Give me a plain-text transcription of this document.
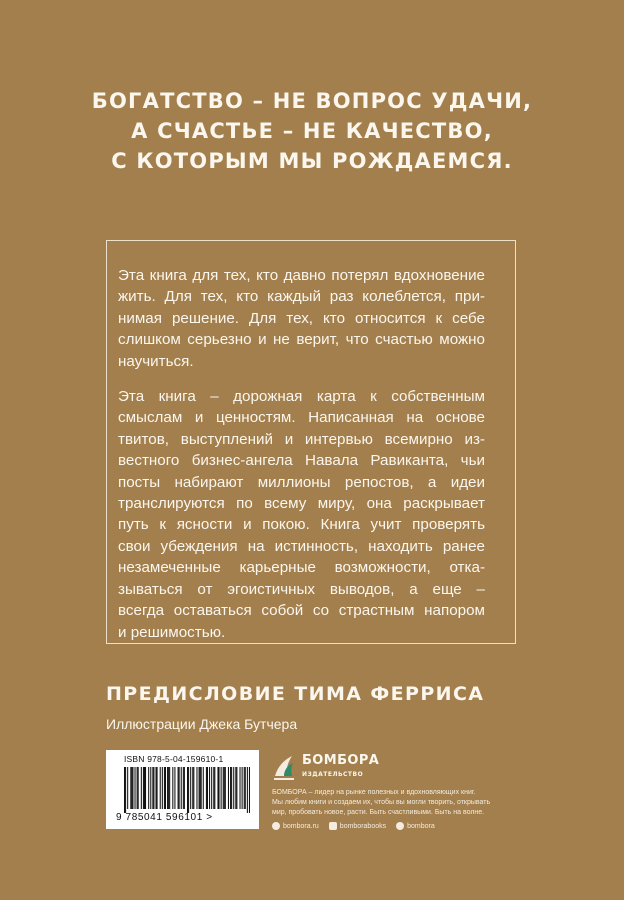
БОГАТСТВО – НЕ ВОПРОС УДАЧИ,
А СЧАСТЬЕ – НЕ КАЧЕСТВО,
С КОТОРЫМ МЫ РОЖДАЕМСЯ.
Эта книга для тех, кто давно потерял вдохновение
жить. Для тех, кто каждый раз колеблется, при-
нимая решение. Для тех, кто относится к себе
слишком серьезно и не верит, что счастью можно
научиться.
Эта книга – дорожная карта к собственным
смыслам и ценностям. Написанная на основе
твитов, выступлений и интервью всемирно из-
вестного бизнес-ангела Навала Равиканта, чьи
посты набирают миллионы репостов, а идеи
транслируются по всему миру, она раскрывает
путь к ясности и покою. Книга учит проверять
свои убеждения на истинность, находить ранее
незамеченные карьерные возможности, отка-
зываться от эгоистичных выводов, а еще –
всегда оставаться собой со страстным напором
и решимостью.
ПРЕДИСЛОВИЕ ТИМА ФЕРРИСА
Иллюстрации Джека Бутчера
ISBN 978-5-04-159610-1
9 785041 596101 >
БОМБОРА
ИЗДАТЕЛЬСТВО
БОМБОРА – лидер на рынке полезных и вдохновляющих книг.
Мы любим книги и создаем их, чтобы вы могли творить, открывать
мир, пробовать новое, расти. Быть счастливыми. Быть на волне.
bombora.ru	bomborabooks	bombora
